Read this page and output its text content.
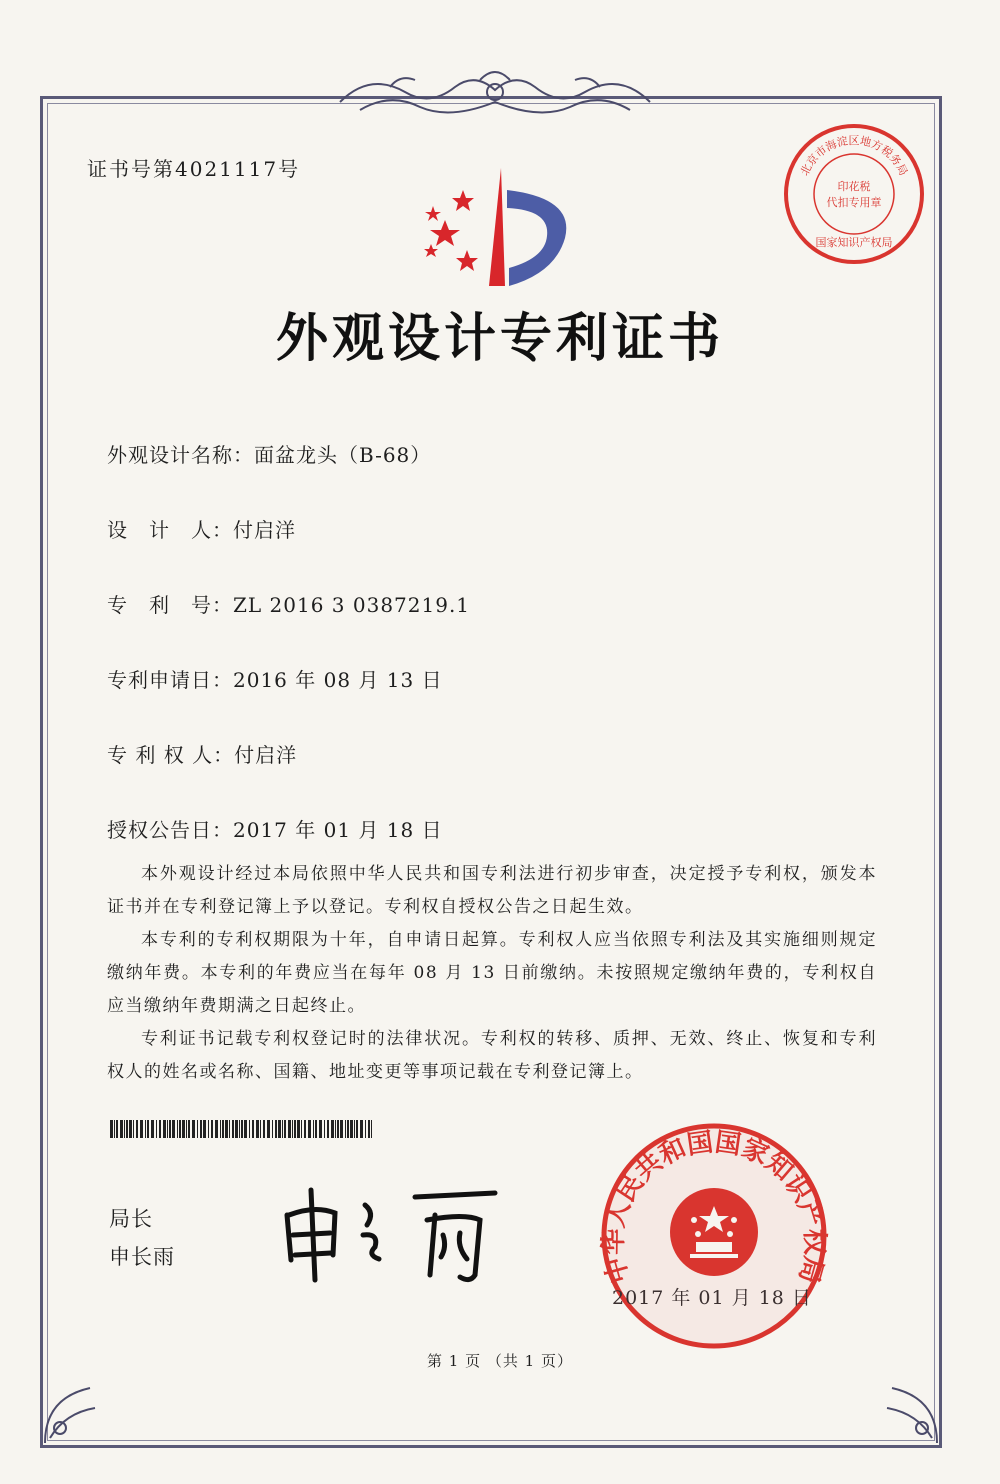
证书号第4021117号
外观设计专利证书
外观设计名称：面盆龙头（B-68）
设　计　人：付启洋
专　利　号：ZL 2016 3 0387219.1
专利申请日：2016 年 08 月 13 日
专 利 权 人：付启洋
授权公告日：2017 年 01 月 18 日

本外观设计经过本局依照中华人民共和国专利法进行初步审查，决定授予专利权，颁发本证书并在专利登记簿上予以登记。专利权自授权公告之日起生效。

本专利的专利权期限为十年，自申请日起算。专利权人应当依照专利法及其实施细则规定缴纳年费。本专利的年费应当在每年 08 月 13 日前缴纳。未按照规定缴纳年费的，专利权自应当缴纳年费期满之日起终止。

专利证书记载专利权登记时的法律状况。专利权的转移、质押、无效、终止、恢复和专利权人的姓名或名称、国籍、地址变更等事项记载在专利登记簿上。

局长
申长雨
北京市海淀区地方税务局
印花税
代扣专用章
国家知识产权局
中华人民共和国国家知识产权局
2017 年 01 月 18 日
第 1 页 （共 1 页）
